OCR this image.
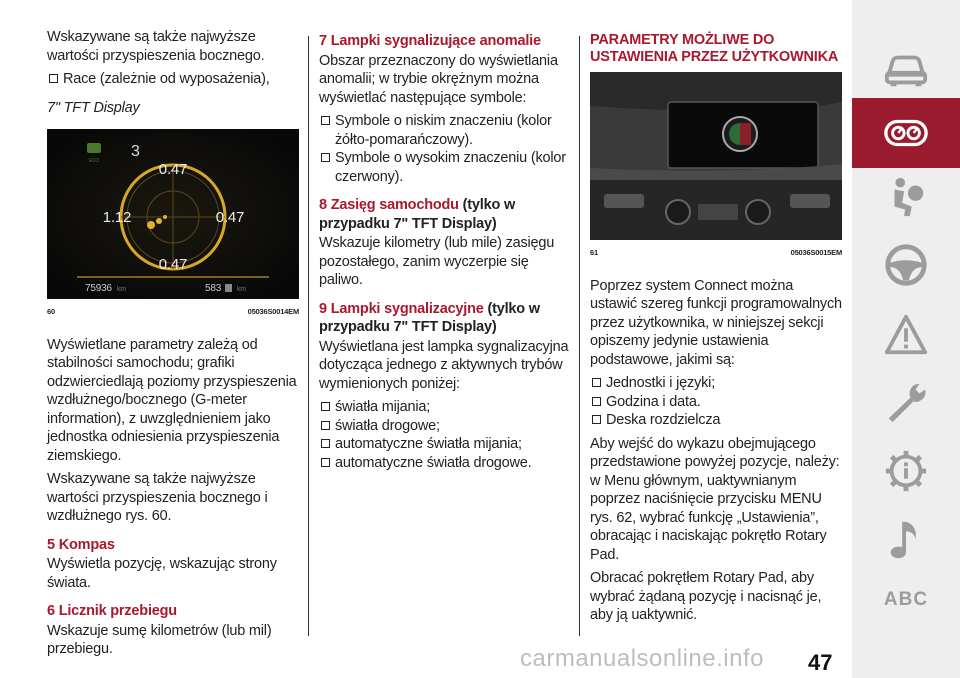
Wskazywane są także najwyższe wartości przyspieszenia bocznego.

Race (zależnie od wyposażenia),

7" TFT Display

ECO
3
0.47
1.12	0.47
0.47
75936 km	583 km
60	05036S0014EM

Wyświetlane parametry zależą od stabilności samochodu; grafiki odzwierciedlają poziomy przyspieszenia wzdłużnego/bocznego (G-meter information), z uwzględnieniem jako jednostka odniesienia przyspieszenia ziemskiego.

Wskazywane są także najwyższe wartości przyspieszenia bocznego i wzdłużnego rys. 60.

5 Kompas

Wyświetla pozycję, wskazując strony świata.

6 Licznik przebiegu

Wskazuje sumę kilometrów (lub mil) przebiegu.

7 Lampki sygnalizujące anomalie

Obszar przeznaczony do wyświetlania anomalii; w trybie okrężnym można wyświetlać następujące symbole:

Symbole o niskim znaczeniu (kolor żółto-pomarańczowy).

Symbole o wysokim znaczeniu (kolor czerwony).

8 Zasięg samochodu (tylko w przypadku 7" TFT Display)

Wskazuje kilometry (lub mile) zasięgu pozostałego, zanim wyczerpie się paliwo.

9 Lampki sygnalizacyjne (tylko w przypadku 7" TFT Display)

Wyświetlana jest lampka sygnalizacyjna dotycząca jednego z aktywnych trybów wymienionych poniżej:

światła mijania;

światła drogowe;

automatyczne światła mijania;

automatyczne światła drogowe.

PARAMETRY MOŻLIWE DO USTAWIENIA PRZEZ UŻYTKOWNIKA
61	05036S0015EM

Poprzez system Connect można ustawić szereg funkcji programowalnych przez użytkownika, w niniejszej sekcji opiszemy jedynie ustawienia podstawowe, jakimi są:

Jednostki i języki;

Godzina i data.

Deska rozdzielcza

Aby wejść do wykazu obejmującego przedstawione powyżej pozycje, należy: w Menu głównym, uaktywnianym poprzez naciśnięcie przycisku MENU rys. 62, wybrać funkcję „Ustawienia”, obracając i naciskając pokrętło Rotary Pad.

Obracać pokrętłem Rotary Pad, aby wybrać żądaną pozycję i nacisnąć je, aby ją uaktywnić.

ABC
carmanualsonline.info 47
